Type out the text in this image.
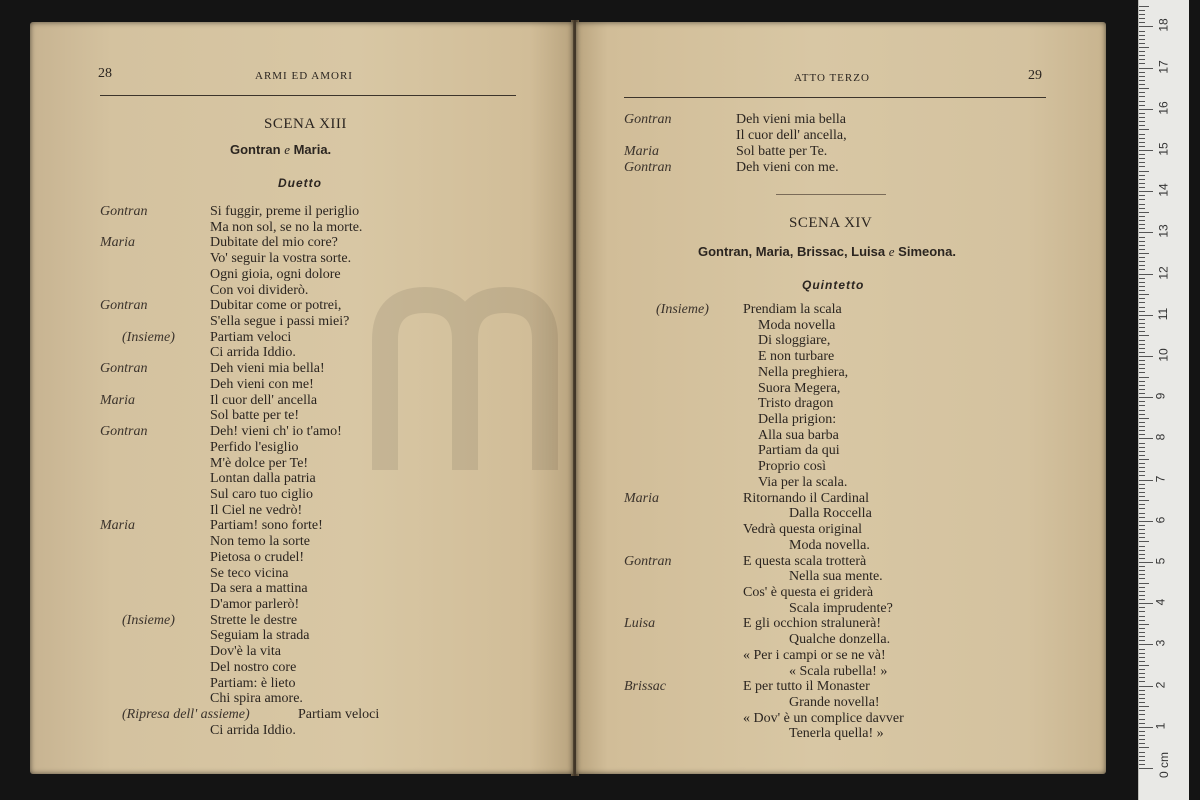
28	ARMI ED AMORI
SCENA XIII
Gontran e Maria.
Duetto
Gontran	Si fuggir, preme il periglio
Ma non sol, se no la morte.
Maria	Dubitate del mio core?
Vo' seguir la vostra sorte.
Ogni gioia, ogni dolore
Con voi dividerò.
Gontran	Dubitar come or potrei,
S'ella segue i passi miei?
(Insieme)	Partiam veloci
Ci arrida Iddio.
Gontran	Deh vieni mia bella!
Deh vieni con me!
Maria	Il cuor dell' ancella
Sol batte per te!
Gontran	Deh! vieni ch' io t'amo!
Perfido l'esiglio
M'è dolce per Te!
Lontan dalla patria
Sul caro tuo ciglio
Il Ciel ne vedrò!
Maria	Partiam! sono forte!
Non temo la sorte
Pietosa o crudel!
Se teco vicina
Da sera a mattina
D'amor parlerò!
(Insieme)	Strette le destre
Seguiam la strada
Dov'è la vita
Del nostro core
Partiam: è lieto
Chi spira amore.
(Ripresa dell' assieme)	Partiam veloci
Ci arrida Iddio.
ATTO TERZO	29
Gontran	Deh vieni mia bella
Il cuor dell' ancella,
Maria	Sol batte per Te.
Gontran	Deh vieni con me.
SCENA XIV
Gontran, Maria, Brissac, Luisa e Simeona.
Quintetto
(Insieme) Prendiam la scala
Moda novella
Di sloggiare,
E non turbare
Nella preghiera,
Suora Megera,
Tristo dragon
Della prigion:
Alla sua barba
Partiam da qui
Proprio così
Via per la scala.
Maria	Ritornando il Cardinal
Dalla Roccella
Vedrà questa original
Moda novella.
Gontran	E questa scala trotterà
Nella sua mente.
Cos' è questa ei griderà
Scala imprudente?
Luisa	E gli occhion stralunerà!
Qualche donzella.
« Per i campi or se ne và!
« Scala rubella! »
Brissac	E per tutto il Monaster
Grande novella!
« Dov' è un complice davver
Tenerla quella! »
1
2
3
4
5
6
7
8
9
10
11
12
13
14
15
16
17
18
0 cm
